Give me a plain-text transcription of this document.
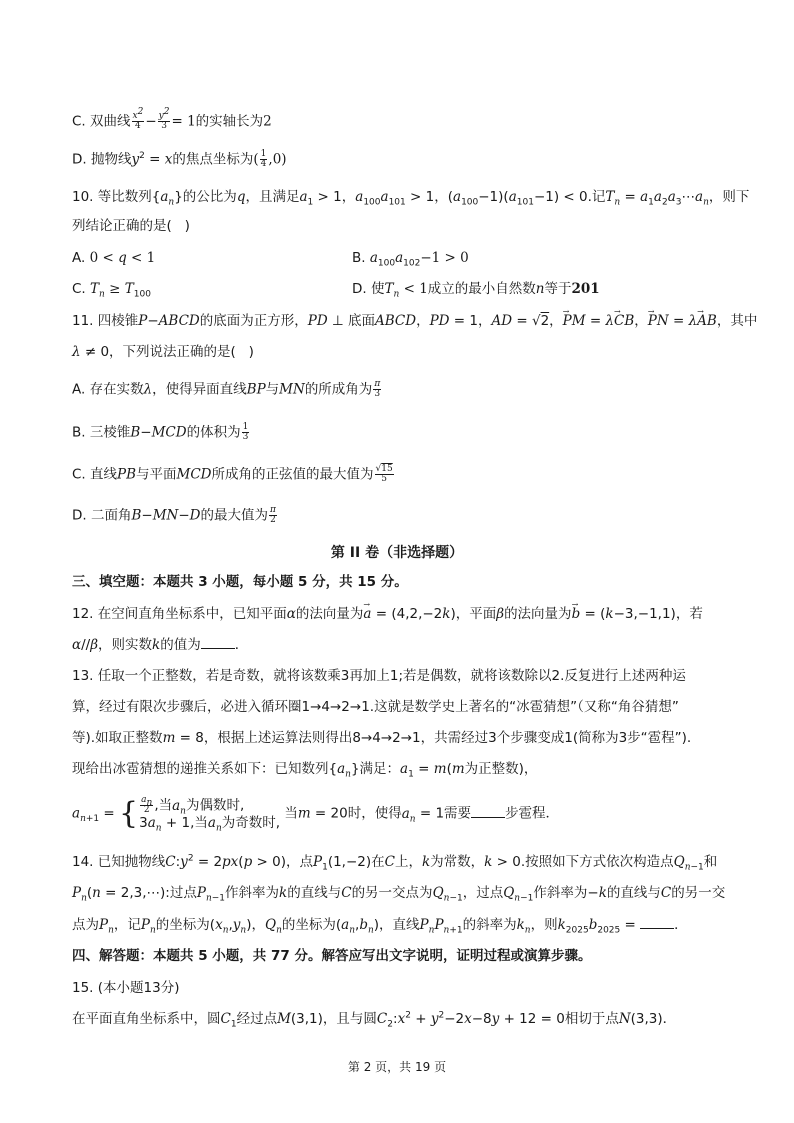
C. 双曲线 $\frac{x^2}{4} - \frac{y^2}{3} = 1$的实轴长为2
D. 抛物线$y^2 = x$的焦点坐标为( $\frac{1}{4} ,0$)
10. 等比数列$\{a_n\}$的公比为q，且满足$a_1 > 1$，$a_{100}a_{101} > 1$，$(a_{100}-1)(a_{101}-1) < 0$.记$T_n$ = $a_1a_2a_3\cdots a_n$，则下
列结论正确的是(   )
A. 0 < q < 1	B. $a_{100}a_{102}-1 > 0$
C. $T_n \ge T_{100}$	D. 使$T_n < 1$成立的最小自然数n等于201
11. 四棱锥P−ABCD的底面为正方形，PD ⊥ 底面ABCD，PD = 1，AD = √2，→ PM = λ→ CB，→ PN = λ→ AB，其中
λ ≠ 0，下列说法正确的是(   )
A. 存在实数λ，使得异面直线BP与MN的所成角为 $\frac{\pi}{3}$
B. 三棱锥B−MCD的体积为 $\frac{1}{3}$
C. 直线PB与平面MCD所成角的正弦值的最大值为 $\frac{√15}{5}$
D. 二面角B−MN−D的最大值为 $\frac{\pi}{2}$
第 II 卷（非选择题）
三、填空题：本题共 3 小题，每小题 5 分，共 15 分。
12. 在空间直角坐标系中，已知平面α的法向量为→ a = (4,2,−2k)，平面β的法向量为→ b = (k−3,−1,1)，若
α//β，则实数k的值为	．
13. 任取一个正整数，若是奇数，就将该数乘3再加上1;若是偶数，就将该数除以2.反复进行上述两种运
算，经过有限次步骤后，必进入循环圈1→4→2→1.这就是数学史上著名的“冰雹猜想”（又称“角谷猜想”
等).如取正整数m = 8，根据上述运算法则得出8→4→2→1，共需经过3个步骤变成1(简称为3步“雹程”).
现给出冰雹猜想的递推关系如下：已知数列$\{a_n\}$满足：$a_1 = m(m$为正整数)，
$a_{n+1}$ = { $\frac{a_n}{2}$ ,当$a_n$为偶数时,
$3a_n + 1$,当$a_n$为奇数时,
当m = 20时，使得$a_n = 1$需要	步雹程．
14. 已知抛物线$C:y^2 = 2px(p > 0)$，点$P_1(1,-2)$在C上，k为常数，k > 0.按照如下方式依次构造点$Q_{n-1}$和
$P_n(n$ = 2,3,⋯):过点$P_{n-1}$作斜率为k的直线与C的另一交点为$Q_{n-1}$，过点$Q_{n-1}$作斜率为−k的直线与C的另一交
点为$P_n$，记$P_n$的坐标为$(x_n,y_n)$，$Q_n$的坐标为$(a_n,b_n)$，直线$P_nP_{n+1}$的斜率为$k_n$，则$k_{2025}b_{2025}$ =	．
四、解答题：本题共 5 小题，共 77 分。解答应写出文字说明，证明过程或演算步骤。
15. (本小题13分)
在平面直角坐标系中，圆$C_1$经过点M(3,1)，且与圆$C_2:x^2 + y^2-2x-8y + 12 = 0$相切于点N(3,3)．
第 2 页，共 19 页
